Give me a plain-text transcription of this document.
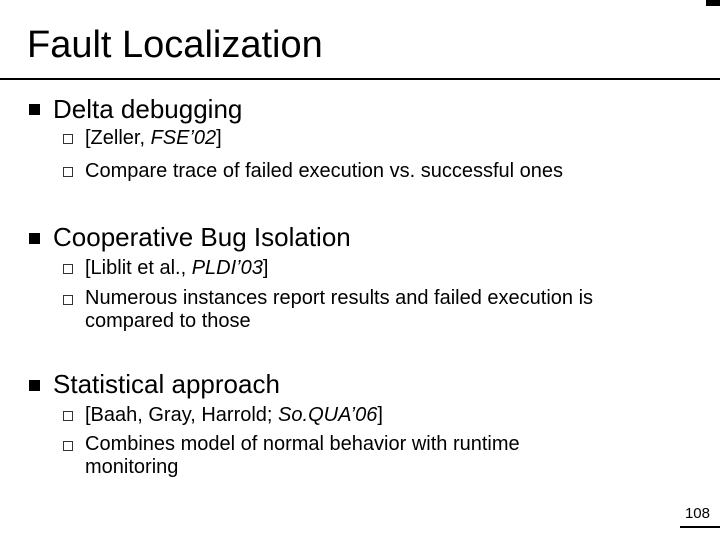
Fault Localization
Delta debugging
[Zeller, FSE’02]
Compare trace of failed execution vs. successful ones
Cooperative Bug Isolation
[Liblit et al., PLDI’03]
Numerous instances report results and failed execution is
compared to those
Statistical approach
[Baah, Gray, Harrold; So.QUA’06]
Combines model of normal behavior with runtime
monitoring
108
